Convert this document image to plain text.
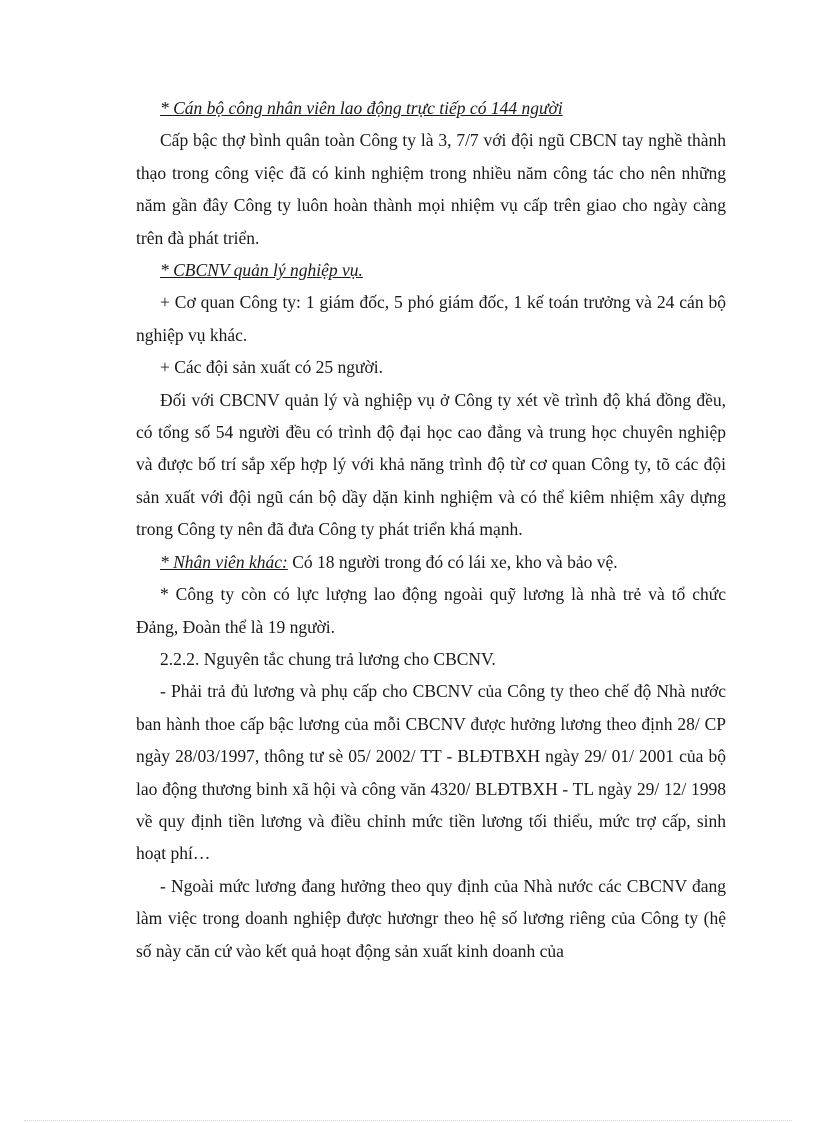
* Cán bộ công nhân viên lao động trực tiếp có 144 người

Cấp bậc thợ bình quân toàn Công ty là 3, 7/7 với đội ngũ CBCN tay nghề thành thạo trong công việc đã có kinh nghiệm trong nhiều năm công tác cho nên những năm gần đây Công ty luôn hoàn thành mọi nhiệm vụ cấp trên giao cho ngày càng trên đà phát triển.

* CBCNV quản lý nghiệp vụ.

+ Cơ quan Công ty: 1 giám đốc, 5 phó giám đốc, 1 kế toán trưởng và 24 cán bộ nghiệp vụ khác.

+ Các đội sản xuất có 25 người.

Đối với CBCNV quản lý và nghiệp vụ ở Công ty xét về trình độ khá đồng đều, có tổng số 54 người đều có trình độ đại học cao đẳng và trung học chuyên nghiệp và được bố trí sắp xếp hợp lý với khả năng trình độ từ cơ quan Công ty, tõ các đội sản xuất với đội ngũ cán bộ dầy dặn kinh nghiệm và có thể kiêm nhiệm xây dựng trong Công ty nên đã đưa Công ty phát triển khá mạnh.

* Nhân viên khác: Có 18 người trong đó có lái xe, kho và bảo vệ.

* Công ty còn có lực lượng lao động ngoài quỹ lương là nhà trẻ và tổ chức Đảng, Đoàn thể là 19 người.

2.2.2. Nguyên tắc chung trả lương cho CBCNV.

- Phải trả đủ lương và phụ cấp cho CBCNV của Công ty theo chế độ Nhà nước ban hành thoe cấp bậc lương của mỗi CBCNV được hưởng lương theo định 28/ CP ngày 28/03/1997, thông tư sè 05/ 2002/ TT - BLĐTBXH ngày 29/ 01/ 2001 của bộ lao động thương binh xã hội và công văn 4320/ BLĐTBXH - TL ngày 29/ 12/ 1998 về quy định tiền lương và điều chỉnh mức tiền lương tối thiểu, mức trợ cấp, sinh hoạt phí…

- Ngoài mức lương đang hưởng theo quy định của Nhà nước các CBCNV đang làm việc trong doanh nghiệp được hươngr theo hệ số lương riêng của Công ty (hệ số này căn cứ vào kết quả hoạt động sản xuất kinh doanh của
